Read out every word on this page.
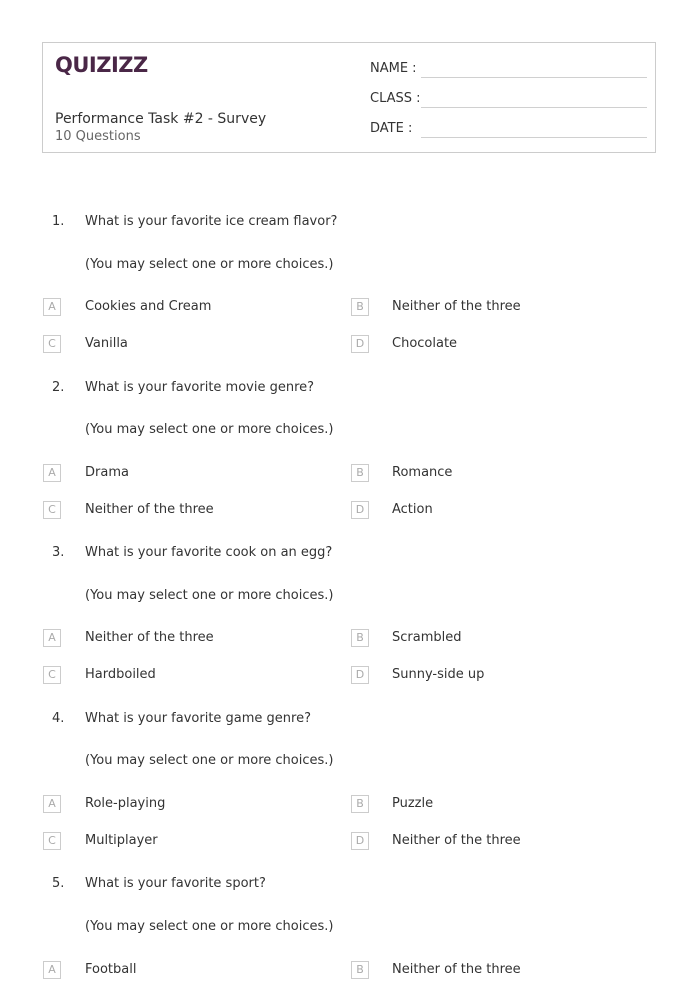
QUIZIZZ
Performance Task #2 - Survey
10 Questions
NAME :
CLASS :
DATE :
1. What is your favorite ice cream flavor?
(You may select one or more choices.)
A	Cookies and Cream	B	Neither of the three
C	Vanilla	D	Chocolate
2. What is your favorite movie genre?
(You may select one or more choices.)
A	Drama	B	Romance
C	Neither of the three	D	Action
3. What is your favorite cook on an egg?
(You may select one or more choices.)
A	Neither of the three	B	Scrambled
C	Hardboiled	D	Sunny-side up
4. What is your favorite game genre?
(You may select one or more choices.)
A	Role-playing	B	Puzzle
C	Multiplayer	D	Neither of the three
5. What is your favorite sport?
(You may select one or more choices.)
A	Football	B	Neither of the three
